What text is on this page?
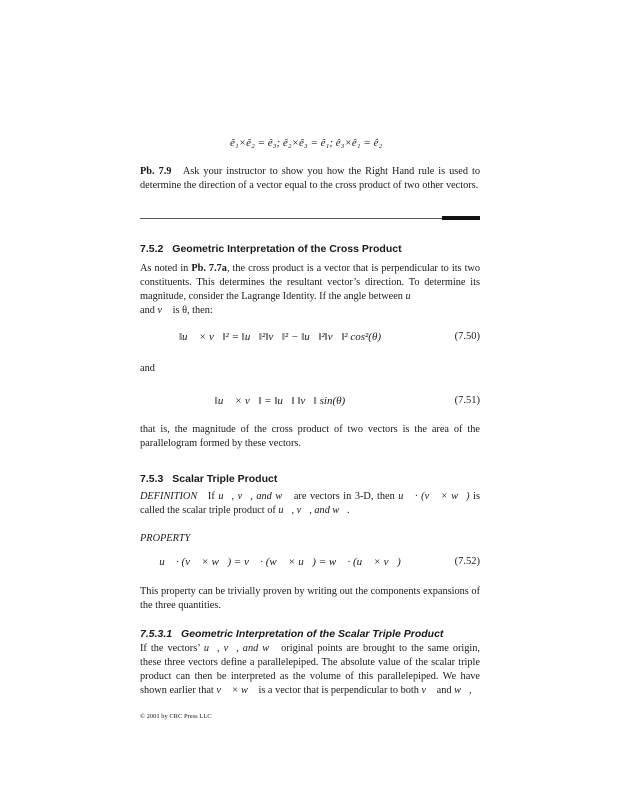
ê₁×ê₂ = ê₃; ê₂×ê₃ = ê₁; ê₃×ê₁ = ê₂

Pb. 7.9 Ask your instructor to show you how the Right Hand rule is used to determine the direction of a vector equal to the cross product of two other vectors.

7.5.2 Geometric Interpretation of the Cross Product

As noted in Pb. 7.7a, the cross product is a vector that is perpendicular to its two constituents. This determines the resultant vector’s direction. To determine its magnitude, consider the Lagrange Identity. If the angle between u⃗
and v⃗ is θ, then:

‖u⃗ × v⃗‖² = ‖u⃗‖²‖v⃗‖² − ‖u⃗‖²‖v⃗‖² cos²(θ)	(7.50)
and
‖u⃗ × v⃗‖ = ‖u⃗‖ ‖v⃗‖ sin(θ)	(7.51)

that is, the magnitude of the cross product of two vectors is the area of the parallelogram formed by these vectors.

7.5.3 Scalar Triple Product

DEFINITION If u⃗, v⃗, and w⃗ are vectors in 3-D, then u⃗ · (v⃗ × w⃗) is called the scalar triple product of u⃗, v⃗, and w⃗.

PROPERTY
u⃗ · (v⃗ × w⃗) = v⃗ · (w⃗ × u⃗) = w⃗ · (u⃗ × v⃗)	(7.52)

This property can be trivially proven by writing out the components expansions of the three quantities.

7.5.3.1 Geometric Interpretation of the Scalar Triple Product

If the vectors’ u⃗, v⃗, and w⃗ original points are brought to the same origin, these three vectors define a parallelepiped. The absolute value of the scalar triple product can then be interpreted as the volume of this parallelepiped. We have shown earlier that v⃗ × w⃗ is a vector that is perpendicular to both v⃗ and w⃗,

© 2001 by CRC Press LLC
